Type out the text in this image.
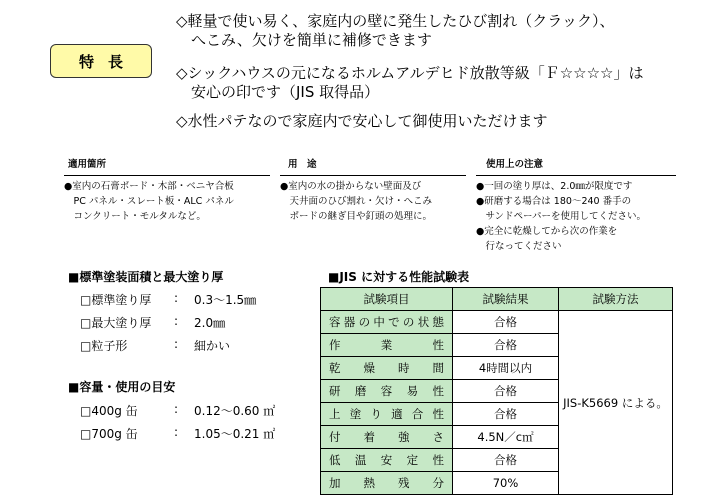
特長
◇軽量で使い易く、家庭内の壁に発生したひび割れ（クラック）、
　へこみ、欠けを簡単に補修できます
◇シックハウスの元になるホルムアルデヒド放散等級「Ｆ☆☆☆☆」は
　安心の印です（JIS 取得品）
◇水性パテなので家庭内で安心して御使用いただけます
適用箇所
●室内の石膏ボード・木部・ベニヤ合板
　PC パネル・スレート板・ALC パネル
　コンクリート・モルタルなど。
用　途
●室内の水の掛からない壁面及び
　天井面のひび割れ・欠け・へこみ
　ボードの継ぎ目や釘頭の処理に。
使用上の注意
●一回の塗り厚は、2.0㎜が限度です
●研磨する場合は 180～240 番手の
　サンドペーパーを使用してください。
●完全に乾燥してから次の作業を
　行なってください
■標準塗装面積と最大塗り厚
□標準塗り厚	:	0.3～1.5㎜
□最大塗り厚	:	2.0㎜
□粒子形	:	細かい
■容量・使用の目安
□400g 缶	:	0.12～0.60 ㎡
□700g 缶	:	1.05～0.21 ㎡
■JIS に対する性能試験表
試験項目	試験結果	試験方法
容器の中での状態	合格	JIS-K5669 による。
作業性	合格	
乾燥時間	4時間以内	
研磨容易性	合格	
上塗り適合性	合格	
付着強さ	4.5N／c㎡	
低温安定性	合格	
加熱残分	70%	
